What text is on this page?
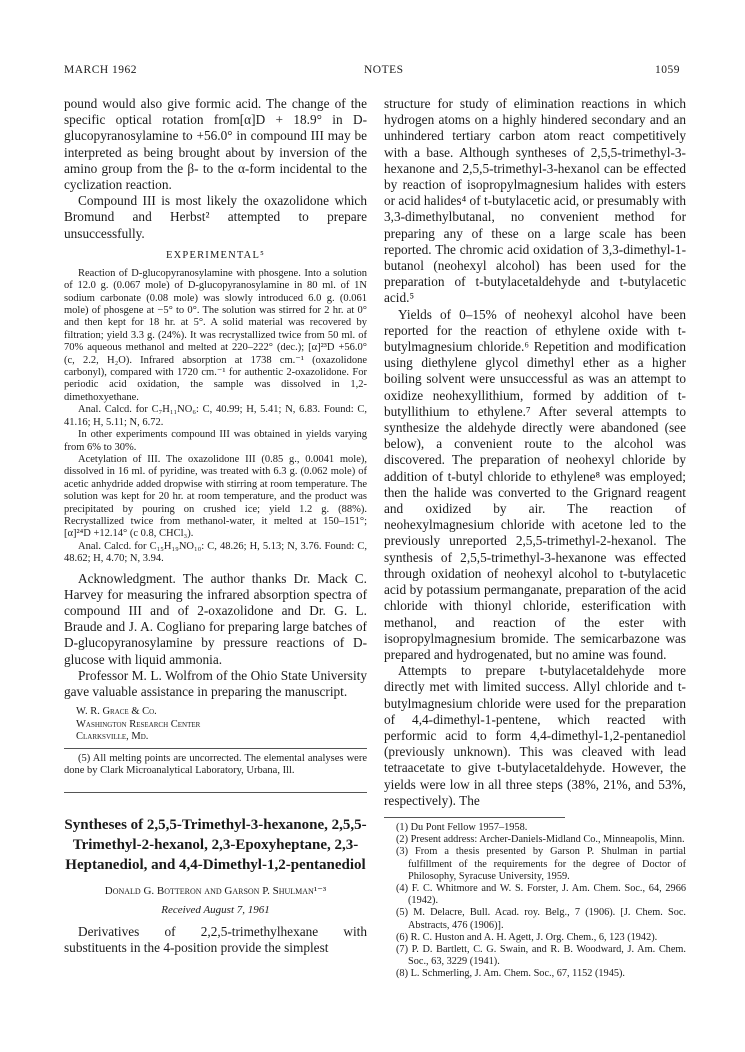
MARCH 1962	NOTES	1059

pound would also give formic acid. The change of the specific optical rotation from[α]D + 18.9° in D-glucopyranosylamine to +56.0° in compound III may be interpreted as being brought about by inversion of the amino group from the β- to the α-form incidental to the cyclization reaction.

Compound III is most likely the oxazolidone which Bromund and Herbst² attempted to prepare unsuccessfully.

EXPERIMENTAL⁵

Reaction of D-glucopyranosylamine with phosgene. Into a solution of 12.0 g. (0.067 mole) of D-glucopyranosylamine in 80 ml. of 1N sodium carbonate (0.08 mole) was slowly introduced 6.0 g. (0.061 mole) of phosgene at −5° to 0°. The solution was stirred for 2 hr. at 0° and then kept for 18 hr. at 5°. A solid material was recovered by filtration; yield 3.3 g. (24%). It was recrystallized twice from 50 ml. of 70% aqueous methanol and melted at 220–222° (dec.); [α]²³D +56.0° (c, 2.2, H₂O). Infrared absorption at 1738 cm.⁻¹ (oxazolidone carbonyl), compared with 1720 cm.⁻¹ for authentic 2-oxazolidone. For periodic acid oxidation, the sample was dissolved in 1,2-dimethoxyethane.

Anal. Calcd. for C₇H₁₁NO₆: C, 40.99; H, 5.41; N, 6.83. Found: C, 41.16; H, 5.11; N, 6.72.

In other experiments compound III was obtained in yields varying from 6% to 30%.

Acetylation of III. The oxazolidone III (0.85 g., 0.0041 mole), dissolved in 16 ml. of pyridine, was treated with 6.3 g. (0.062 mole) of acetic anhydride added dropwise with stirring at room temperature. The solution was kept for 20 hr. at room temperature, and the product was precipitated by pouring on crushed ice; yield 1.2 g. (88%). Recrystallized twice from methanol-water, it melted at 150–151°; [α]²⁴D +12.14° (c 0.8, CHCl₃).

Anal. Calcd. for C₁₅H₁₉NO₁₀: C, 48.26; H, 5.13; N, 3.76. Found: C, 48.62; H, 4.70; N, 3.94.

Acknowledgment. The author thanks Dr. Mack C. Harvey for measuring the infrared absorption spectra of compound III and of 2-oxazolidone and Dr. G. L. Braude and J. A. Cogliano for preparing large batches of D-glucopyranosylamine by pressure reactions of D-glucose with liquid ammonia.

Professor M. L. Wolfrom of the Ohio State University gave valuable assistance in preparing the manuscript.

W. R. Grace & Co.
Washington Research Center
Clarksville, Md.

(5) All melting points are uncorrected. The elemental analyses were done by Clark Microanalytical Laboratory, Urbana, Ill.

Syntheses of 2,5,5-Trimethyl-3-hexanone, 2,5,5-Trimethyl-2-hexanol, 2,3-Epoxyheptane, 2,3-Heptanediol, and 4,4-Dimethyl-1,2-pentanediol
Donald G. Botteron and Garson P. Shulman¹⁻³
Received August 7, 1961

Derivatives of 2,2,5-trimethylhexane with substituents in the 4-position provide the simplest

structure for study of elimination reactions in which hydrogen atoms on a highly hindered secondary and an unhindered tertiary carbon atom react competitively with a base. Although syntheses of 2,5,5-trimethyl-3-hexanone and 2,5,5-trimethyl-3-hexanol can be effected by reaction of isopropylmagnesium halides with esters or acid halides⁴ of t-butylacetic acid, or presumably with 3,3-dimethylbutanal, no convenient method for preparing any of these on a large scale has been reported. The chromic acid oxidation of 3,3-dimethyl-1-butanol (neohexyl alcohol) has been used for the preparation of t-butylacetaldehyde and t-butylacetic acid.⁵

Yields of 0–15% of neohexyl alcohol have been reported for the reaction of ethylene oxide with t-butylmagnesium chloride.⁶ Repetition and modification using diethylene glycol dimethyl ether as a higher boiling solvent were unsuccessful as was an attempt to oxidize neohexyllithium, formed by addition of t-butyllithium to ethylene.⁷ After several attempts to synthesize the aldehyde directly were abandoned (see below), a convenient route to the alcohol was discovered. The preparation of neohexyl chloride by addition of t-butyl chloride to ethylene⁸ was employed; then the halide was converted to the Grignard reagent and oxidized by air. The reaction of neohexylmagnesium chloride with acetone led to the previously unreported 2,5,5-trimethyl-2-hexanol. The synthesis of 2,5,5-trimethyl-3-hexanone was effected through oxidation of neohexyl alcohol to t-butylacetic acid by potassium permanganate, preparation of the acid chloride with thionyl chloride, esterification with methanol, and reaction of the ester with isopropylmagnesium bromide. The semicarbazone was prepared and hydrogenated, but no amine was found.

Attempts to prepare t-butylacetaldehyde more directly met with limited success. Allyl chloride and t-butylmagnesium chloride were used for the preparation of 4,4-dimethyl-1-pentene, which reacted with performic acid to form 4,4-dimethyl-1,2-pentanediol (previously unknown). This was cleaved with lead tetraacetate to give t-butylacetaldehyde. However, the yields were low in all three steps (38%, 21%, and 53%, respectively). The

(1) Du Pont Fellow 1957–1958.

(2) Present address: Archer-Daniels-Midland Co., Minneapolis, Minn.

(3) From a thesis presented by Garson P. Shulman in partial fulfillment of the requirements for the degree of Doctor of Philosophy, Syracuse University, 1959.

(4) F. C. Whitmore and W. S. Forster, J. Am. Chem. Soc., 64, 2966 (1942).

(5) M. Delacre, Bull. Acad. roy. Belg., 7 (1906). [J. Chem. Soc. Abstracts, 476 (1906)].

(6) R. C. Huston and A. H. Agett, J. Org. Chem., 6, 123 (1942).

(7) P. D. Bartlett, C. G. Swain, and R. B. Woodward, J. Am. Chem. Soc., 63, 3229 (1941).

(8) L. Schmerling, J. Am. Chem. Soc., 67, 1152 (1945).
